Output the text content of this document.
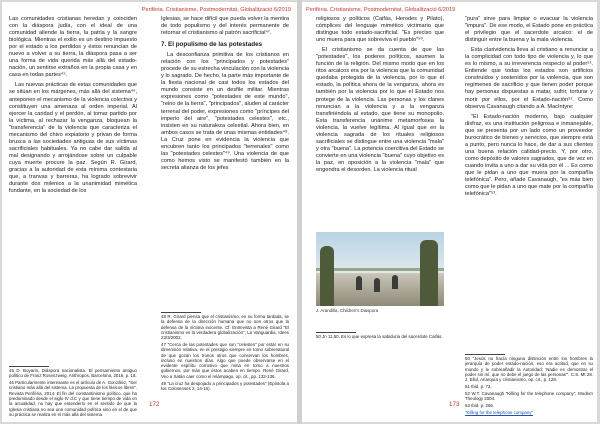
Perifèria. Cristianisme, Postmodernitat, Globalització 6/2019

Las comunidades cristianas heredan y coinciden con la diáspora judía, con el ideal de una comunidad allende la tierra, la patria y la sangre biológica. Mientras el exilio es un destino impuesto por el estado a los perdidos y éstos renuncian de nuevo a volver a su tierra, la diáspora pasa a ser una forma de vida querida más allá del estado-nación, un sentirse extraños en la propia casa y en casa en todas partes⁴⁵.

Las nuevas prácticas de estas comunidades que se sitúan en los márgenes, más allá del sistema⁴⁶, anteponen el mecanismo de la violencia colectiva y constituyen una amenaza al orden imperial. Al ejercer la caridad y el perdón, al tomar partido por la víctima, al rechazar la venganza, bloquean la "transferencia" de la violencia que caracteriza el mecanismo del chivo expiatorio y privan de forma brusca a las sociedades antiguas de sus víctimas sacrificiales habituales. Ya no cabe dar salida al mal designando y arrojándose sobre un culpable cuya muerte procure la paz. Según R. Girard, gracias a la autoridad de esta mínima contestaria que, a tranvas y barreras, ha logrado sobrevivir durante dos milenios a la unanimidad mimética fundante, en la sociedad de los

45 D. Boyarin, Diáspora nacionalista. El pensamiento antiguo político de Franz Rosenzweig. Anthropos, Barcelona, 2016, p. 18.

46 Particularmente interesante es el artículo de A. González, "Ser cristiano más allá del sistema. La propuesta de los lásicos libres". Revista Perifèria, 2014. El fin del constantinismo político, que ha predominado desde el siglo IV d.C y que tiene tiempo de vida en la actualidad, no hay que entenderlo en el sentido de que la Iglesia cristiana no sea una comunidad política sino en el de que su práctica se realiza en el más allá del sistema.

Iglesias, se hace difícil que pueda volver la mentira de todo populismo y del interés permanente de retornar el cristianismo al patrón sacrificial⁴⁷.

7. El populismo de las potestades

La desconfianza primitiva de los cristianos en relación con los "principados y potestades" procede de su estrecha vinculación con la violencia y lo sagrado. De hecho, la parte más importante de la fiesta nacional de casi todos los estados del mundo consiste en un desfile militar. Mientras expresiones como "potestades de este mundo", "reino de la tierra", "principados", aluden al carácter terrenal del poder, expresiones como "príncipes del imperio del aire", "potestades celestes", etc., insisten en su naturaleza celestial. Ahora bien, en ambos casos se trata de unas mismas entidades⁴⁸. La Cruz pone en evidencia la violencia que encubren tanto los principados "terrenales" como las "potestades celestes"⁴⁹. Una violencia de que como hemos visto se manifestó también en la secreta alianza de los jefes

48 R. Girard piensa que el cristianismo, en su forma tardada, se la defensa de la dirección humana que no son otros que la defensa de la víctima inocente. Cf. Entrevista a René Girard "El cristianismo es la verdadera globalización", La Vanguardia, Idees 23/3/2002.

47 "Cerca de las potestades que son "celestes" por estar en su dimensión relativa, en el prestigio siempre en torno sobrenatural de que gozan los tronos otros que conservan los hombres, incluso en nuestros días. Algo que puede observarse en el evidente espíritu corrosivo que mina en tomo a nuestros gobiernos, por más que éstos acaben en tiempo. René Girard, Veo a Satán caer como el relámpago, op. cit., pp. 132-136.

49 "La cruz ha despojado a principados y potestades" (Epístola a los Colosenses 2, 14-15).

172
Perifèria. Cristianisme, Postmodernitat, Globalització 6/2019

religiosos y políticos (Caifás, Herodes y Pilato), cómplices del lenguaje mimético victimario que distingue todo estado-sacrificial. "Es preciso que uno muera para que sobreviva el pueblo"⁵⁰.

El cristianismo se da cuenta de que las "potestades", los poderes políticos, asumen la función de la religión. Del mismo modo que en los ritos arcaicos era por la violencia que la comunidad quedaba protegida de la violencia, por lo que el estado, la política ahora de la venganza, ahora es también por la violencia por lo que el Estado nos protege de la violencia. Las personas y los clanes renuncian a la violencia y a la venganza transfiriéndola al estado, que tiene su monopolio. Esta transferencia unánime metamorfosea la violencia, la vuelve legítima. Al igual que en la violencia sagrada de los rituales religiosos sacrificiales se distingue entre una violencia "mala" y otra "buena". La potencia coercitiva del Estado se convierte en una violencia "buena" cuyo objetivo es la paz, en oposición a la violencia "mala" que engendra el desorden. La violencia ritual

J. Arandilla, Children's Diaspora

50 Jn 11,50. Es lo que expresa la sabiduría del sacerdote Caifás.

"pura" sirve para limpiar o evacuar la violencia "impura". De ese modo, el Estado pone en práctica el privilegio que el sacerdote arcaico: el de distinguir entre la buena y la mala violencia.

Esta clarividencia lleva al cristiano a renunciar a la complicidad con todo tipo de violencia y, lo que es lo mismo, a su irreverencia respecto al poder⁵¹. Entiende que todas los estados son artificios construidos y sostenidos por la violencia, que son regímenes de sacrificio y que tienen poder porque hay personas dispuestas a matar, sufrir, torturar y morir por ellos, por el Estado-nación⁵². Como observa Cavanaugh citando a A. MacIntyre:

"El Estado-nación moderno, bajo cualquier disfraz, es una institución peligrosa e inmanejable, que se presenta por un lado como un proveedor burocrático de bienes y servicios, que siempre está a punto, pero nunca lo hace, de dar a sus clientes una buena relación calidad-precio. Y, por otro, como depósito de valores sagrados, que de vez en cuando invita a uno a dar su vida por él ... Es como que le pidan a uno que muera por la compañía telefónica". Pero, añade Cavanaugh, "es más bien como que le pidan a uno que mate por la compañía telefónica"⁵³.

50 "Jesús no hacía ninguna distinción entre los hombres la jerarquía de poder estado-nación, eso era actitud, que en su mundo y le sobreañadir la Autoridad: 'Nadie es demostrar el poder sin mí, que no debe el juego de las personas"'. C.S. Mt 28. J. Ellul, Anarquía y cristianismo, op. cit., p. 128.

51 Ibid. p. 72.

52 W.T. Cavanaugh "Killing for the telephone company", Modern Theology 2004.

53 Ibid. p. 266.

"Killing for the telephone company"

173
